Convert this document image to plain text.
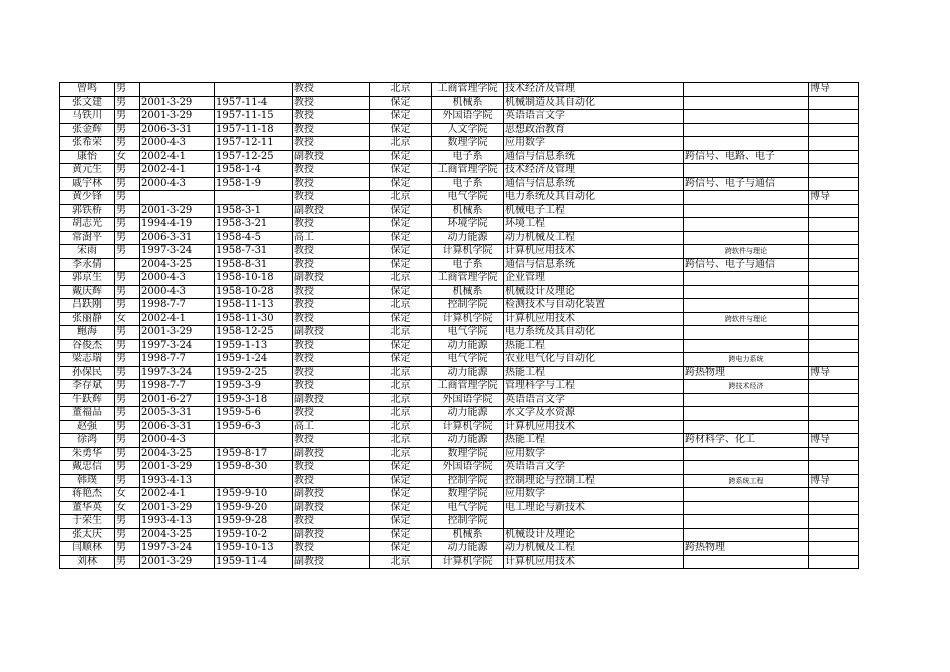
曾鸣	男			教授	北京	工商管理学院	技术经济及管理		博导
张文建	男	2001-3-29	1957-11-4	教授	保定	机械系	机械制造及其自动化		
马铁川	男	2001-3-29	1957-11-15	教授	保定	外国语学院	英语语言文学		
张金辉	男	2006-3-31	1957-11-18	教授	保定	人文学院	思想政治教育		
张希荣	男	2000-4-3	1957-12-11	教授	北京	数理学院	应用数学		
康怡	女	2002-4-1	1957-12-25	副教授	保定	电子系	通信与信息系统	跨信号、电路、电子	
黄元生	男	2002-4-1	1958-1-4	教授	保定	工商管理学院	技术经济及管理		
戚宇林	男	2000-4-3	1958-1-9	教授	保定	电子系	通信与信息系统	跨信号、电子与通信	
黄少锋	男			教授	北京	电气学院	电力系统及其自动化		博导
郭铁桥	男	2001-3-29	1958-3-1	副教授	保定	机械系	机械电子工程		
胡志光	男	1994-4-19	1958-3-21	教授	保定	环境学院	环境工程		
常澍平	男	2006-3-31	1958-4-5	高工	保定	动力能源	动力机械及工程		
宋雨	男	1997-3-24	1958-7-31	教授	保定	计算机学院	计算机应用技术	跨软件与理论	
李永倩		2004-3-25	1958-8-31	教授	保定	电子系	通信与信息系统	跨信号、电子与通信	
郭京生	男	2000-4-3	1958-10-18	副教授	北京	工商管理学院	企业管理		
戴庆辉	男	2000-4-3	1958-10-28	教授	保定	机械系	机械设计及理论		
吕跃刚	男	1998-7-7	1958-11-13	教授	北京	控制学院	检测技术与自动化装置		
张丽静	女	2002-4-1	1958-11-30	教授	保定	计算机学院	计算机应用技术	跨软件与理论	
鲍海	男	2001-3-29	1958-12-25	副教授	北京	电气学院	电力系统及其自动化		
谷俊杰	男	1997-3-24	1959-1-13	教授	保定	动力能源	热能工程		
梁志瑞	男	1998-7-7	1959-1-24	教授	保定	电气学院	农业电气化与自动化	跨电力系统	
孙保民	男	1997-3-24	1959-2-25	教授	北京	动力能源	热能工程	跨热物理	博导
李存斌	男	1998-7-7	1959-3-9	教授	北京	工商管理学院	管理科学与工程	跨技术经济	
牛跃辉	男	2001-6-27	1959-3-18	副教授	北京	外国语学院	英语语言文学		
董福品	男	2005-3-31	1959-5-6	教授	北京	动力能源	水文学及水资源		
赵强	男	2006-3-31	1959-6-3	高工	北京	计算机学院	计算机应用技术		
徐鸿	男	2000-4-3		教授	北京	动力能源	热能工程	跨材料学、化工	博导
朱勇华	男	2004-3-25	1959-8-17	副教授	北京	数理学院	应用数学		
戴忠信	男	2001-3-29	1959-8-30	教授	保定	外国语学院	英语语言文学		
韩璞	男	1993-4-13		教授	保定	控制学院	控制理论与控制工程	跨系统工程	博导
蒋艳杰	女	2002-4-1	1959-9-10	副教授	保定	数理学院	应用数学		
董华英	女	2001-3-29	1959-9-20	副教授	保定	电气学院	电工理论与新技术		
于荣生	男	1993-4-13	1959-9-28	教授	保定	控制学院			
张太庆	男	2004-3-25	1959-10-2	副教授	保定	机械系	机械设计及理论		
闫顺林	男	1997-3-24	1959-10-13	教授	保定	动力能源	动力机械及工程	跨热物理	
刘林	男	2001-3-29	1959-11-4	副教授	北京	计算机学院	计算机应用技术		
